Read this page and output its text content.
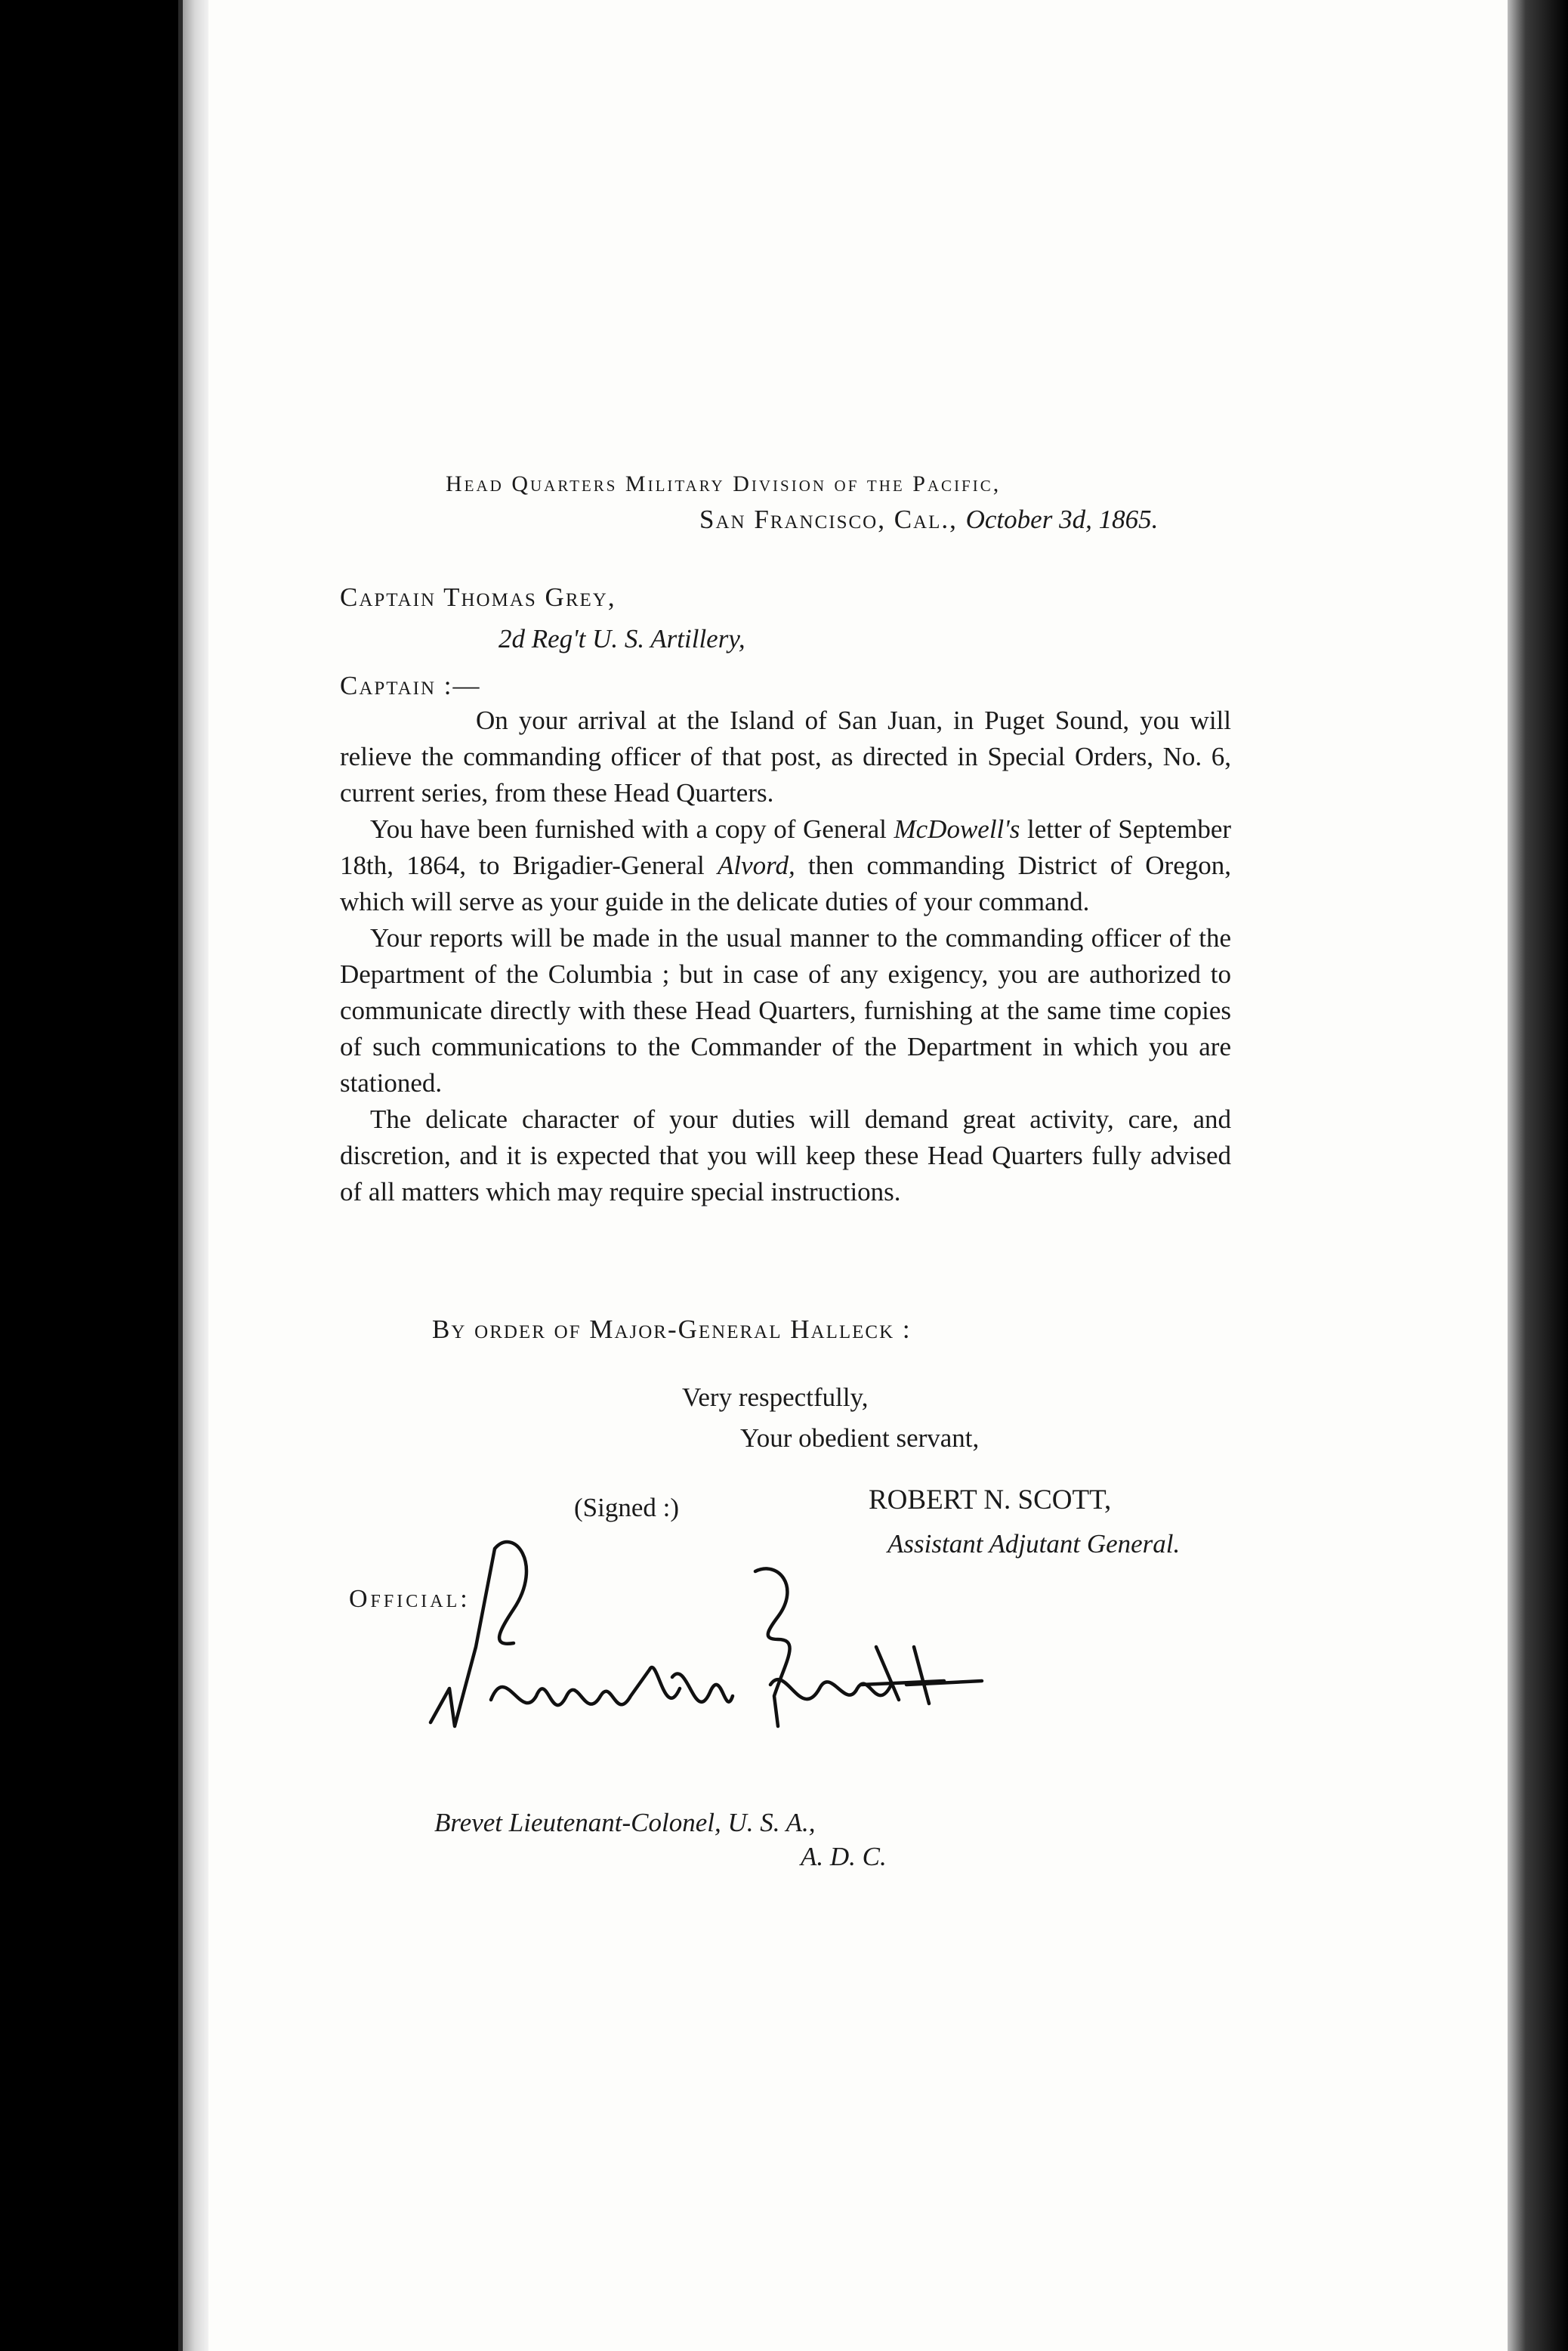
Head Quarters Military Division of the Pacific,
San Francisco, Cal., October 3d, 1865.
Captain Thomas Grey,
2d Reg't U. S. Artillery,
Captain :—

On your arrival at the Island of San Juan, in Puget Sound, you will relieve the commanding officer of that post, as directed in Special Orders, No. 6, current series, from these Head Quarters.

You have been furnished with a copy of General McDowell's letter of September 18th, 1864, to Brigadier-General Alvord, then commanding District of Oregon, which will serve as your guide in the delicate duties of your command.

Your reports will be made in the usual manner to the commanding officer of the Department of the Columbia ; but in case of any exigency, you are authorized to communicate directly with these Head Quarters, furnishing at the same time copies of such communications to the Commander of the Department in which you are stationed.

The delicate character of your duties will demand great activity, care, and discretion, and it is expected that you will keep these Head Quarters fully advised of all matters which may require special instructions.

By order of Major-General Halleck :
Very respectfully,
Your obedient servant,
(Signed :)	ROBERT N. SCOTT,
Assistant Adjutant General.
Official:
Brevet Lieutenant-Colonel, U. S. A.,
A. D. C.
